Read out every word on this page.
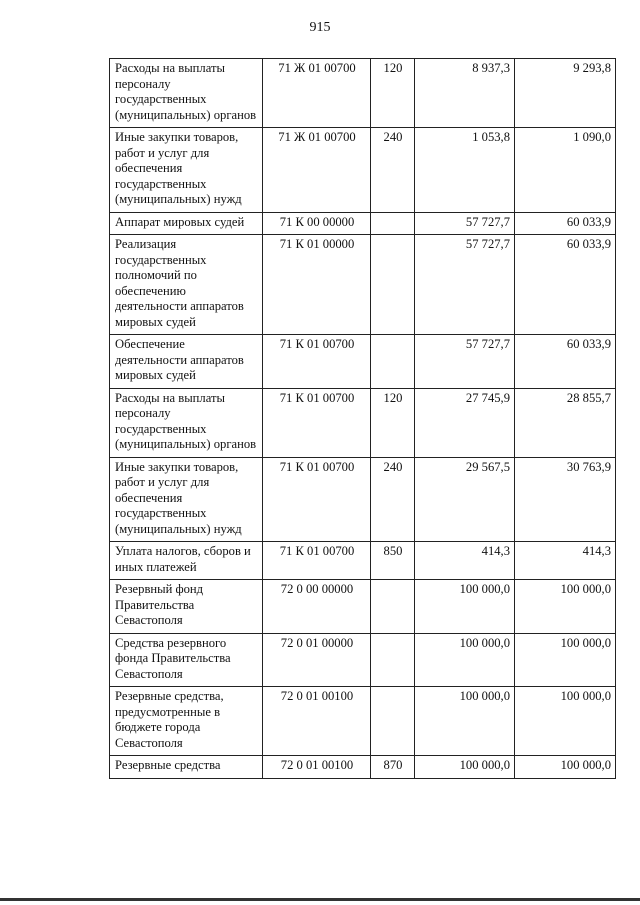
915
Расходы на выплаты персоналу государственных (муниципальных) органов	71 Ж 01 00700	120	8 937,3	9 293,8
Иные закупки товаров, работ и услуг для обеспечения государственных (муниципальных) нужд	71 Ж 01 00700	240	1 053,8	1 090,0
Аппарат мировых судей	71 К 00 00000		57 727,7	60 033,9
Реализация государственных полномочий по обеспечению деятельности аппаратов мировых судей	71 К 01 00000		57 727,7	60 033,9
Обеспечение деятельности аппаратов мировых судей	71 К 01 00700		57 727,7	60 033,9
Расходы на выплаты персоналу государственных (муниципальных) органов	71 К 01 00700	120	27 745,9	28 855,7
Иные закупки товаров, работ и услуг для обеспечения государственных (муниципальных) нужд	71 К 01 00700	240	29 567,5	30 763,9
Уплата налогов, сборов и иных платежей	71 К 01 00700	850	414,3	414,3
Резервный фонд Правительства Севастополя	72 0 00 00000		100 000,0	100 000,0
Средства резервного фонда Правительства Севастополя	72 0 01 00000		100 000,0	100 000,0
Резервные средства, предусмотренные в бюджете города Севастополя	72 0 01 00100		100 000,0	100 000,0
Резервные средства	72 0 01 00100	870	100 000,0	100 000,0
